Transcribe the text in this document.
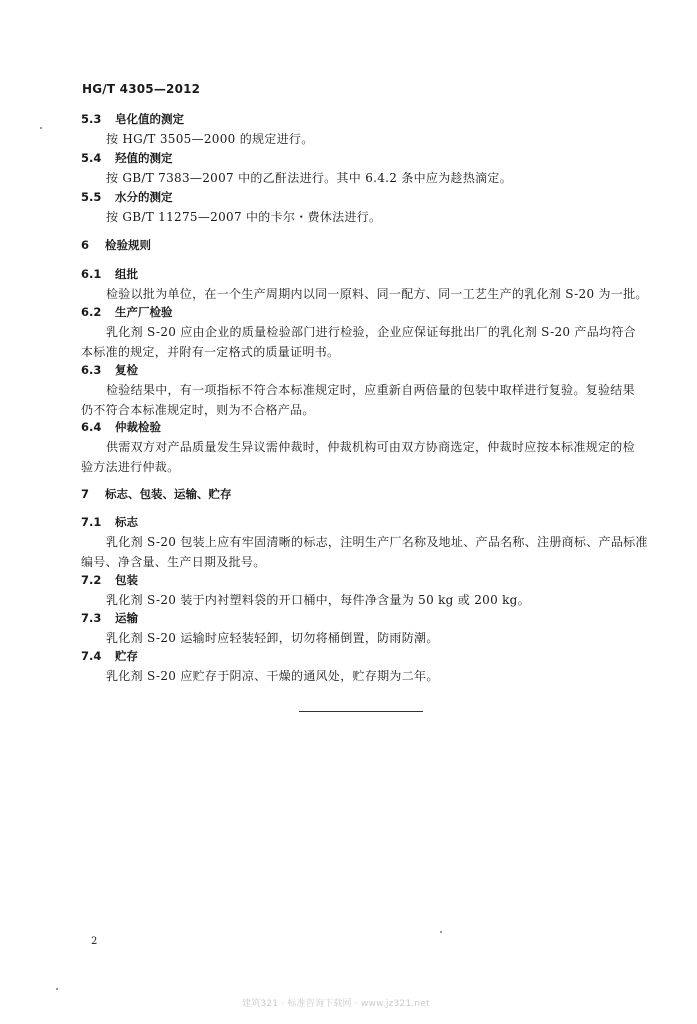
HG/T 4305—2012
5.3 皂化值的测定
按 HG/T 3505—2000 的规定进行。
5.4 羟值的测定
按 GB/T 7383—2007 中的乙酐法进行。其中 6.4.2 条中应为趁热滴定。
5.5 水分的测定
按 GB/T 11275—2007 中的卡尔・费休法进行。
6 检验规则
6.1 组批
检验以批为单位，在一个生产周期内以同一原料、同一配方、同一工艺生产的乳化剂 S-20 为一批。
6.2 生产厂检验
乳化剂 S-20 应由企业的质量检验部门进行检验，企业应保证每批出厂的乳化剂 S-20 产品均符合
本标准的规定，并附有一定格式的质量证明书。
6.3 复检
检验结果中，有一项指标不符合本标准规定时，应重新自两倍量的包装中取样进行复验。复验结果
仍不符合本标准规定时，则为不合格产品。
6.4 仲裁检验
供需双方对产品质量发生异议需仲裁时，仲裁机构可由双方协商选定，仲裁时应按本标准规定的检
验方法进行仲裁。
7 标志、包装、运输、贮存
7.1 标志
乳化剂 S-20 包装上应有牢固清晰的标志，注明生产厂名称及地址、产品名称、注册商标、产品标准
编号、净含量、生产日期及批号。
7.2 包装
乳化剂 S-20 装于内衬塑料袋的开口桶中，每件净含量为 50 kg 或 200 kg。
7.3 运输
乳化剂 S-20 运输时应轻装轻卸，切勿将桶倒置，防雨防潮。
7.4 贮存
乳化剂 S-20 应贮存于阴凉、干燥的通风处，贮存期为二年。
2
建筑321 · 标准咨询下载网 · www.jz321.net
